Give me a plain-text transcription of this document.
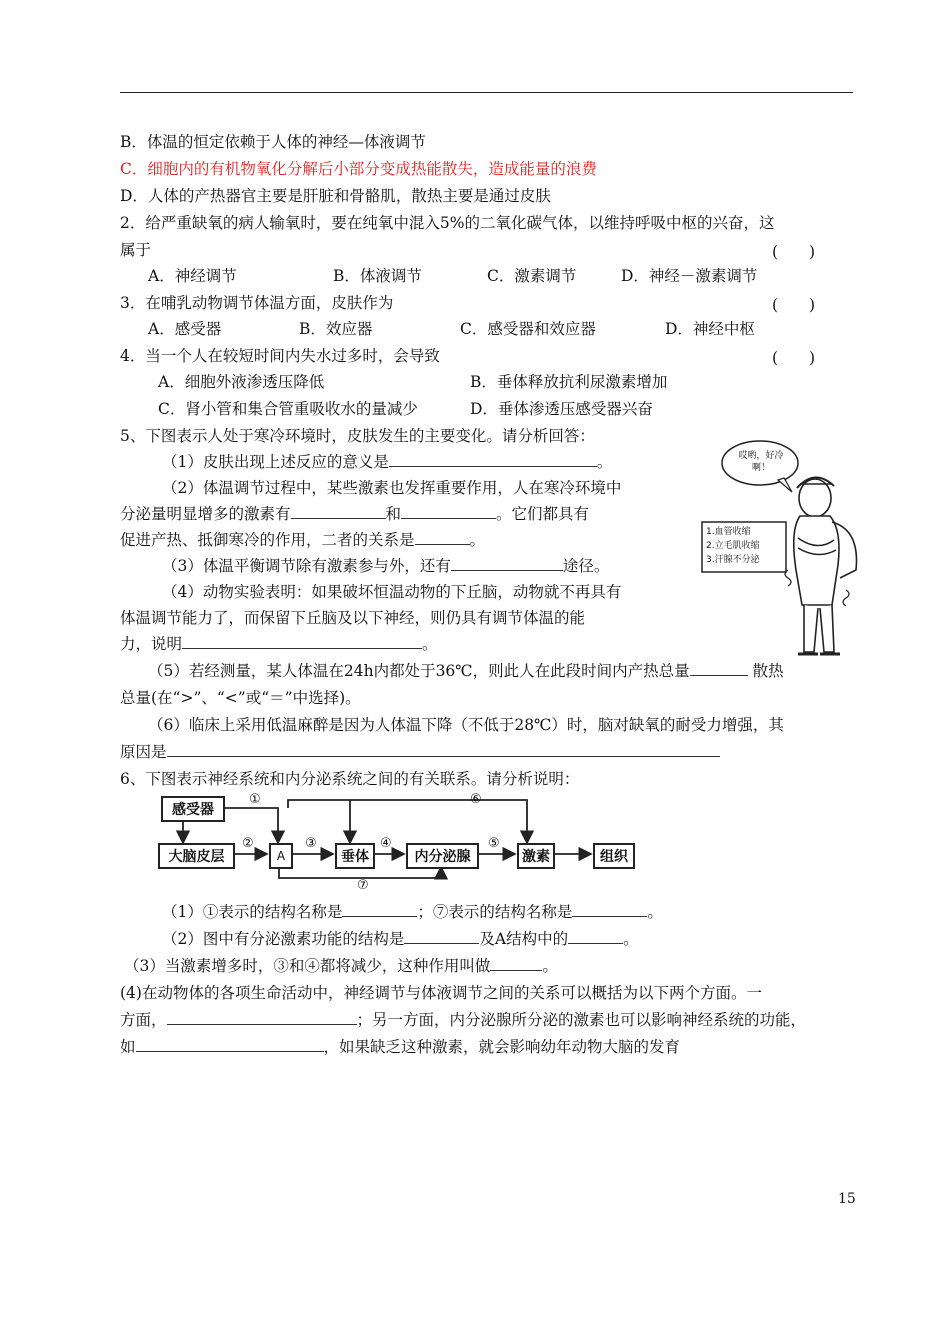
B．体温的恒定依赖于人体的神经—体液调节
C．细胞内的有机物氧化分解后小部分变成热能散失，造成能量的浪费
D．人体的产热器官主要是肝脏和骨骼肌，散热主要是通过皮肤
2．给严重缺氧的病人输氧时，要在纯氧中混入5%的二氧化碳气体，以维持呼吸中枢的兴奋，这
属于	(　　)
A．神经调节	B．体液调节	C．激素调节	D．神经－激素调节
3．在哺乳动物调节体温方面，皮肤作为	(　　)
A．感受器	B．效应器	C．感受器和效应器	D．神经中枢
4．当一个人在较短时间内失水过多时，会导致	(　　)
A．细胞外液渗透压降低	B．垂体释放抗利尿激素增加
C．肾小管和集合管重吸收水的量减少	D．垂体渗透压感受器兴奋
5、下图表示人处于寒冷环境时，皮肤发生的主要变化。请分析回答：
（1）皮肤出现上述反应的意义是	。
（2）体温调节过程中，某些激素也发挥重要作用，人在寒冷环境中
分泌量明显增多的激素有	和	。它们都具有
促进产热、抵御寒冷的作用，二者的关系是	。
（3）体温平衡调节除有激素参与外，还有	途径。
（4）动物实验表明：如果破坏恒温动物的下丘脑，动物就不再具有
体温调节能力了，而保留下丘脑及以下神经，则仍具有调节体温的能
力，说明	。
（5）若经测量，某人体温在24h内都处于36℃，则此人在此段时间内产热总量	散热
总量(在“>”、“<”或“＝”中选择)。
（6）临床上采用低温麻醉是因为人体温下降（不低于28℃）时，脑对缺氧的耐受力增强，其
原因是
哎哟，好冷啊！
1.血管收缩
2.立毛肌收缩
3.汗腺不分泌
6、下图表示神经系统和内分泌系统之间的有关联系。请分析说明：
感受器
大脑皮层	A	垂体	内分泌腺	激素	组织
①
②	③	④	⑤
⑥
⑦
（1）①表示的结构名称是	；⑦表示的结构名称是	。
（2）图中有分泌激素功能的结构是	及A结构中的	。
（3）当激素增多时，③和④都将减少，这种作用叫做	。
(4)在动物体的各项生命活动中，神经调节与体液调节之间的关系可以概括为以下两个方面。一
方面，	；另一方面，内分泌腺所分泌的激素也可以影响神经系统的功能，
如	，如果缺乏这种激素，就会影响幼年动物大脑的发育
15
